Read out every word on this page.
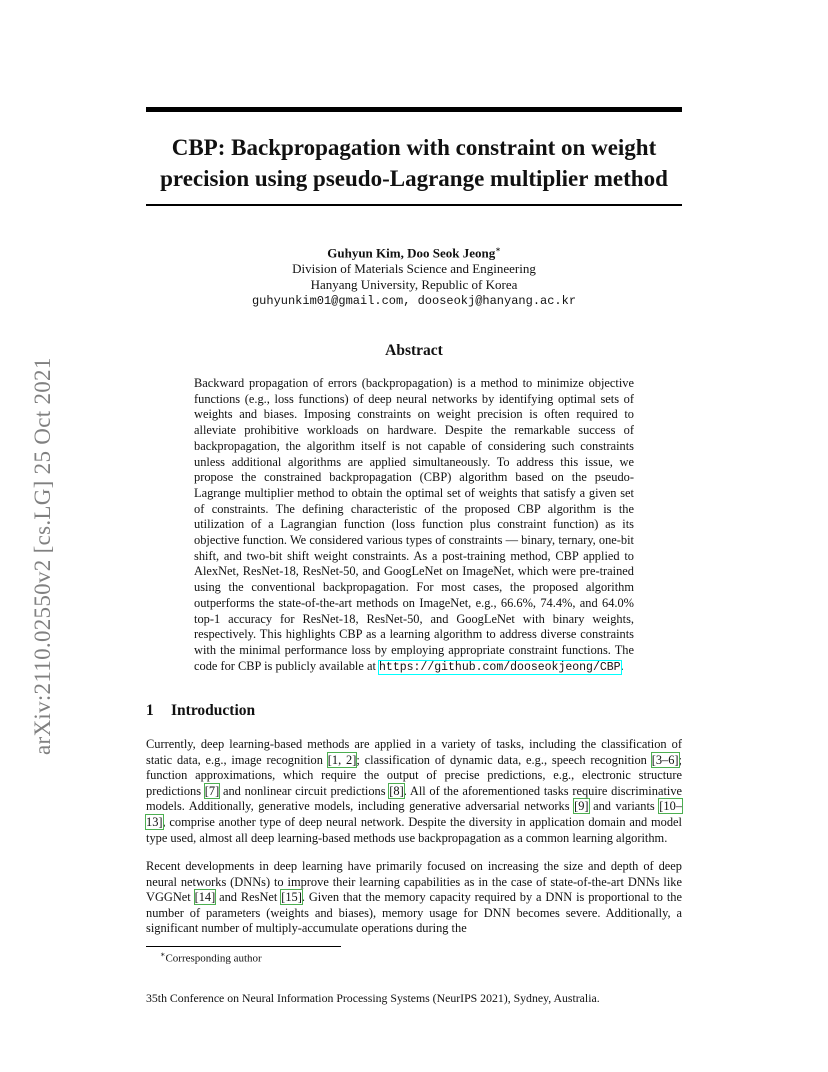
arXiv:2110.02550v2 [cs.LG] 25 Oct 2021
CBP: Backpropagation with constraint on weight precision using pseudo-Lagrange multiplier method
Guhyun Kim, Doo Seok Jeong∗
Division of Materials Science and Engineering
Hanyang University, Republic of Korea
guhyunkim01@gmail.com, dooseokj@hanyang.ac.kr
Abstract

Backward propagation of errors (backpropagation) is a method to minimize objective functions (e.g., loss functions) of deep neural networks by identifying optimal sets of weights and biases. Imposing constraints on weight precision is often required to alleviate prohibitive workloads on hardware. Despite the remarkable success of backpropagation, the algorithm itself is not capable of considering such constraints unless additional algorithms are applied simultaneously. To address this issue, we propose the constrained backpropagation (CBP) algorithm based on the pseudo-Lagrange multiplier method to obtain the optimal set of weights that satisfy a given set of constraints. The defining characteristic of the proposed CBP algorithm is the utilization of a Lagrangian function (loss function plus constraint function) as its objective function. We considered various types of constraints — binary, ternary, one-bit shift, and two-bit shift weight constraints. As a post-training method, CBP applied to AlexNet, ResNet-18, ResNet-50, and GoogLeNet on ImageNet, which were pre-trained using the conventional backpropagation. For most cases, the proposed algorithm outperforms the state-of-the-art methods on ImageNet, e.g., 66.6%, 74.4%, and 64.0% top-1 accuracy for ResNet-18, ResNet-50, and GoogLeNet with binary weights, respectively. This highlights CBP as a learning algorithm to address diverse constraints with the minimal performance loss by employing appropriate constraint functions. The code for CBP is publicly available at https://github.com/dooseokjeong/CBP.

1 Introduction

Currently, deep learning-based methods are applied in a variety of tasks, including the classification of static data, e.g., image recognition [1, 2]; classification of dynamic data, e.g., speech recognition [3–6]; function approximations, which require the output of precise predictions, e.g., electronic structure predictions [7] and nonlinear circuit predictions [8]. All of the aforementioned tasks require discriminative models. Additionally, generative models, including generative adversarial networks [9] and variants [10–13], comprise another type of deep neural network. Despite the diversity in application domain and model type used, almost all deep learning-based methods use backpropagation as a common learning algorithm.

Recent developments in deep learning have primarily focused on increasing the size and depth of deep neural networks (DNNs) to improve their learning capabilities as in the case of state-of-the-art DNNs like VGGNet [14] and ResNet [15]. Given that the memory capacity required by a DNN is proportional to the number of parameters (weights and biases), memory usage for DNN becomes severe. Additionally, a significant number of multiply-accumulate operations during the

∗Corresponding author
35th Conference on Neural Information Processing Systems (NeurIPS 2021), Sydney, Australia.
